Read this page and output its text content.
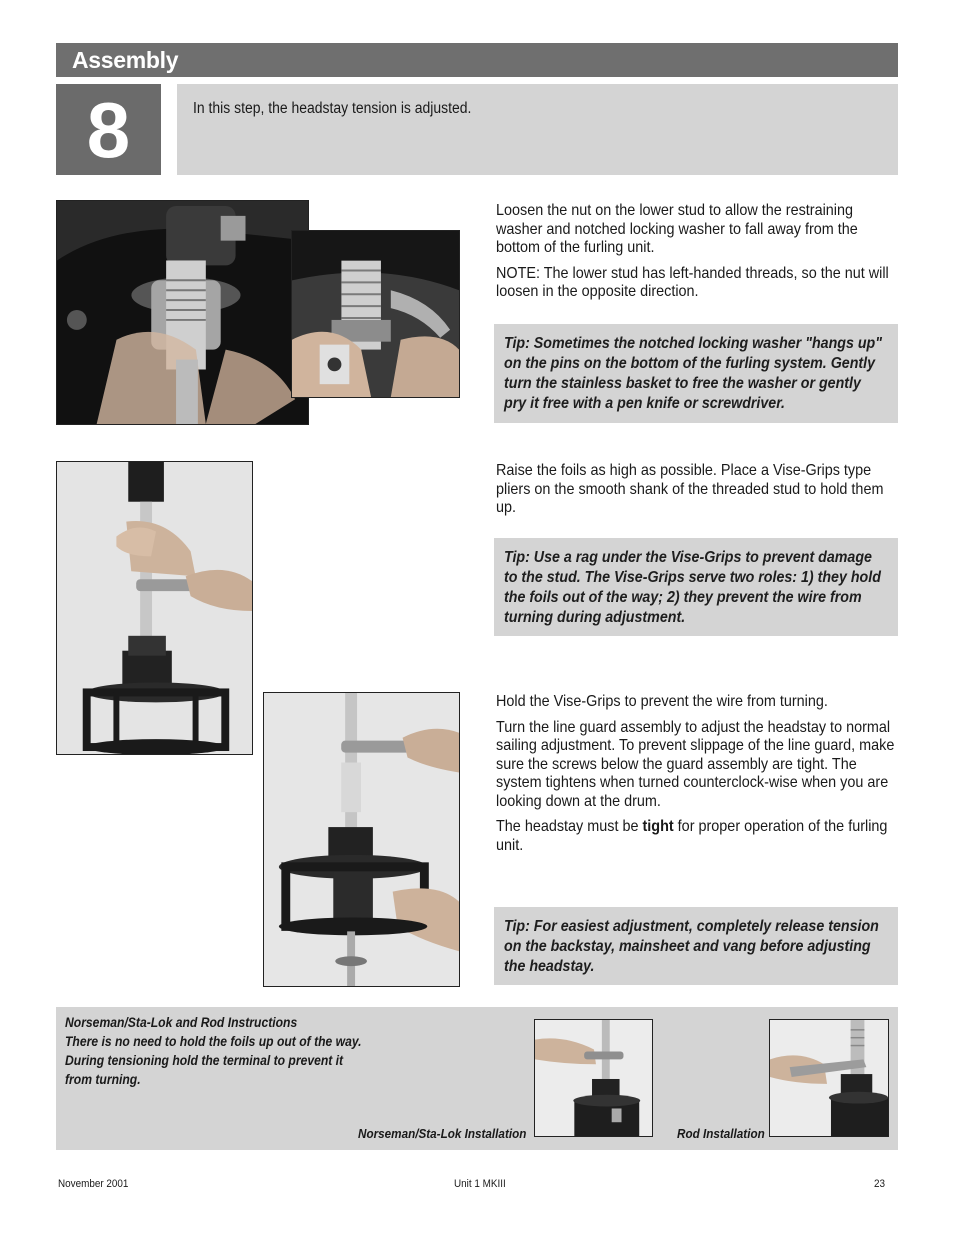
Assembly
8	In this step, the headstay tension is adjusted.

Loosen the nut on the lower stud to allow the restraining washer and notched locking washer to fall away from the bottom of the furling unit.

NOTE: The lower stud has left-handed threads, so the nut will loosen in the opposite direction.

Tip: Sometimes the notched locking washer "hangs up" on the pins on the bottom of the furling system. Gently turn the stainless basket to free the washer or gently pry it free with a pen knife or screwdriver.

Raise the foils as high as possible. Place a Vise-Grips type pliers on the smooth shank of the threaded stud to hold them up.

Tip: Use a rag under the Vise-Grips to prevent damage to the stud. The Vise-Grips serve two roles: 1) they hold the foils out of the way; 2) they prevent the wire from turning during adjustment.

Hold the Vise-Grips to prevent the wire from turning.

Turn the line guard assembly to adjust the headstay to normal sailing adjustment. To prevent slippage of the line guard, make sure the screws below the guard assembly are tight. The system tightens when turned counterclock-wise when you are looking down at the drum.

The headstay must be tight for proper operation of the furling unit.

Tip: For easiest adjustment, completely release tension on the backstay, mainsheet and vang before adjusting the headstay.
Norseman/Sta-Lok and Rod Instructions
There is no need to hold the foils up out of the way.
During tensioning hold the terminal to prevent it
from turning.
Norseman/Sta-Lok Installation	Rod Installation
November 2001	Unit 1 MKIII	23
